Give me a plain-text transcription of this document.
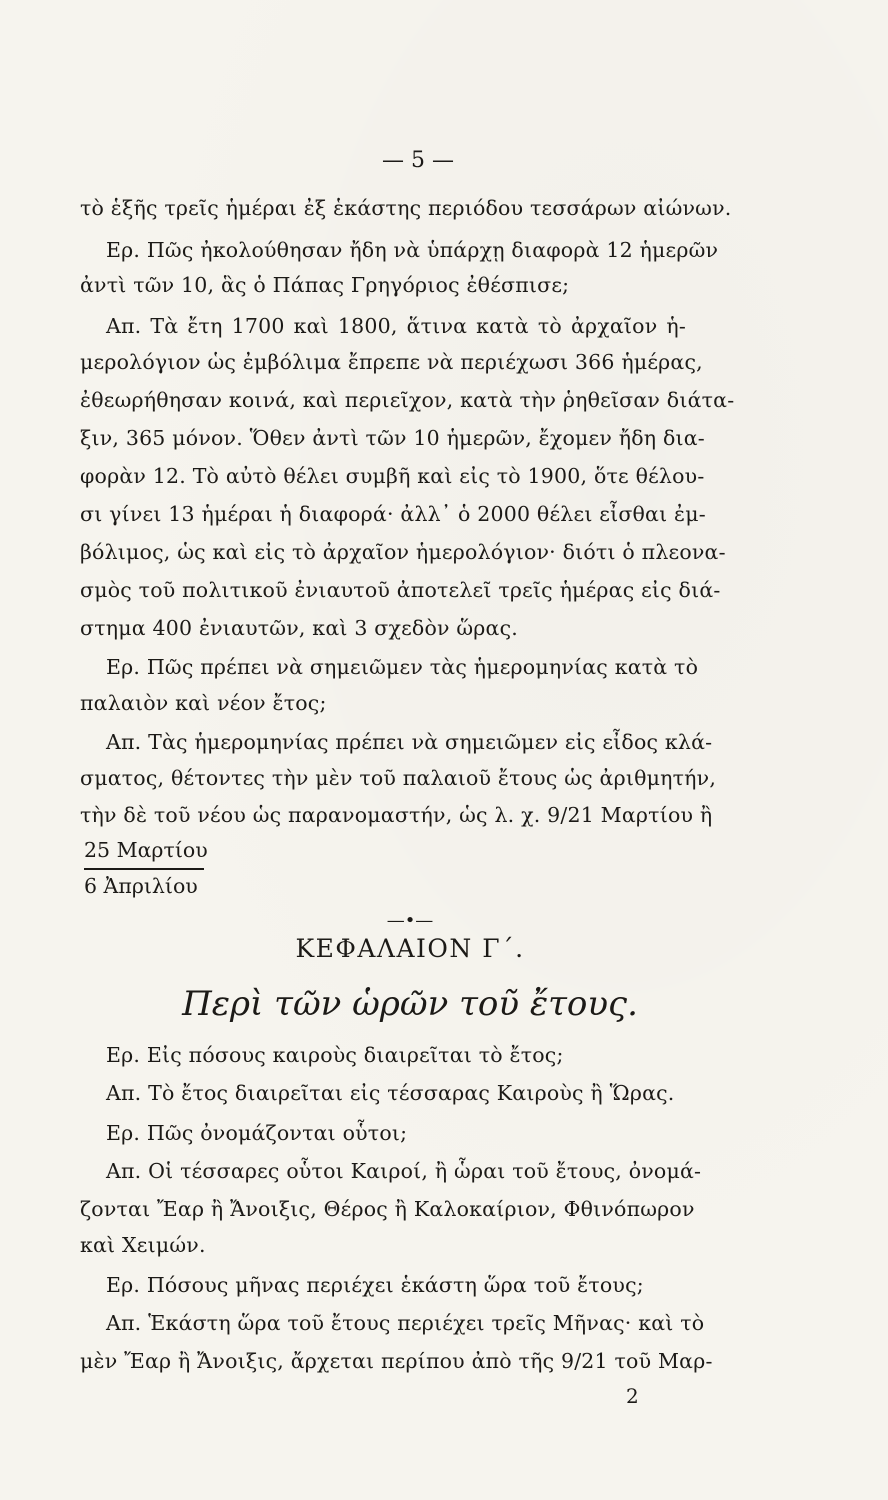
— 5 —
τὸ ἑξῆς τρεῖς ἡμέραι ἐξ ἑκάστης περιόδου τεσσάρων αἰώνων.
Ερ. Πῶς ἠκολούθησαν ἤδη νὰ ὑπάρχῃ διαφορὰ 12 ἡμερῶν
ἀντὶ τῶν 10, ἃς ὁ Πάπας Γρηγόριος ἐθέσπισε;
Απ. Τὰ ἔτη 1700 καὶ 1800, ἅτινα κατὰ τὸ ἀρχαῖον ἡ-
μερολόγιον ὡς ἐμβόλιμα ἔπρεπε νὰ περιέχωσι 366 ἡμέρας,
ἐθεωρήθησαν κοινά, καὶ περιεῖχον, κατὰ τὴν ῥηθεῖσαν διάτα-
ξιν, 365 μόνον. Ὅθεν ἀντὶ τῶν 10 ἡμερῶν, ἔχομεν ἤδη δια-
φορὰν 12. Τὸ αὐτὸ θέλει συμβῆ καὶ εἰς τὸ 1900, ὅτε θέλου-
σι γίνει 13 ἡμέραι ἡ διαφορά· ἀλλ᾽ ὁ 2000 θέλει εἶσθαι ἐμ-
βόλιμος, ὡς καὶ εἰς τὸ ἀρχαῖον ἡμερολόγιον· διότι ὁ πλεονα-
σμὸς τοῦ πολιτικοῦ ἐνιαυτοῦ ἀποτελεῖ τρεῖς ἡμέρας εἰς διά-
στημα 400 ἐνιαυτῶν, καὶ 3 σχεδὸν ὥρας.
Ερ. Πῶς πρέπει νὰ σημειῶμεν τὰς ἡμερομηνίας κατὰ τὸ
παλαιὸν καὶ νέον ἔτος;
Απ. Τὰς ἡμερομηνίας πρέπει νὰ σημειῶμεν εἰς εἶδος κλά-
σματος, θέτοντες τὴν μὲν τοῦ παλαιοῦ ἔτους ὡς ἀριθμητήν,
τὴν δὲ τοῦ νέου ὡς παρανομαστήν, ὡς λ. χ. 9/21 Μαρτίου ἢ
25 Μαρτίου
6 Ἀπριλίου
—•—
ΚΕΦΑΛΑΙΟΝ Γ΄.
Περὶ τῶν ὡρῶν τοῦ ἔτους.
Ερ. Εἰς πόσους καιροὺς διαιρεῖται τὸ ἔτος;
Απ. Τὸ ἔτος διαιρεῖται εἰς τέσσαρας Καιροὺς ἢ Ὥρας.
Ερ. Πῶς ὀνομάζονται οὗτοι;
Απ. Οἱ τέσσαρες οὗτοι Καιροί, ἢ ὧραι τοῦ ἔτους, ὀνομά-
ζονται Ἔαρ ἢ Ἄνοιξις, Θέρος ἢ Καλοκαίριον, Φθινόπωρον
καὶ Χειμών.
Ερ. Πόσους μῆνας περιέχει ἑκάστη ὥρα τοῦ ἔτους;
Απ. Ἑκάστη ὥρα τοῦ ἔτους περιέχει τρεῖς Μῆνας· καὶ τὸ
μὲν Ἔαρ ἢ Ἄνοιξις, ἄρχεται περίπου ἀπὸ τῆς 9/21 τοῦ Μαρ-
2
